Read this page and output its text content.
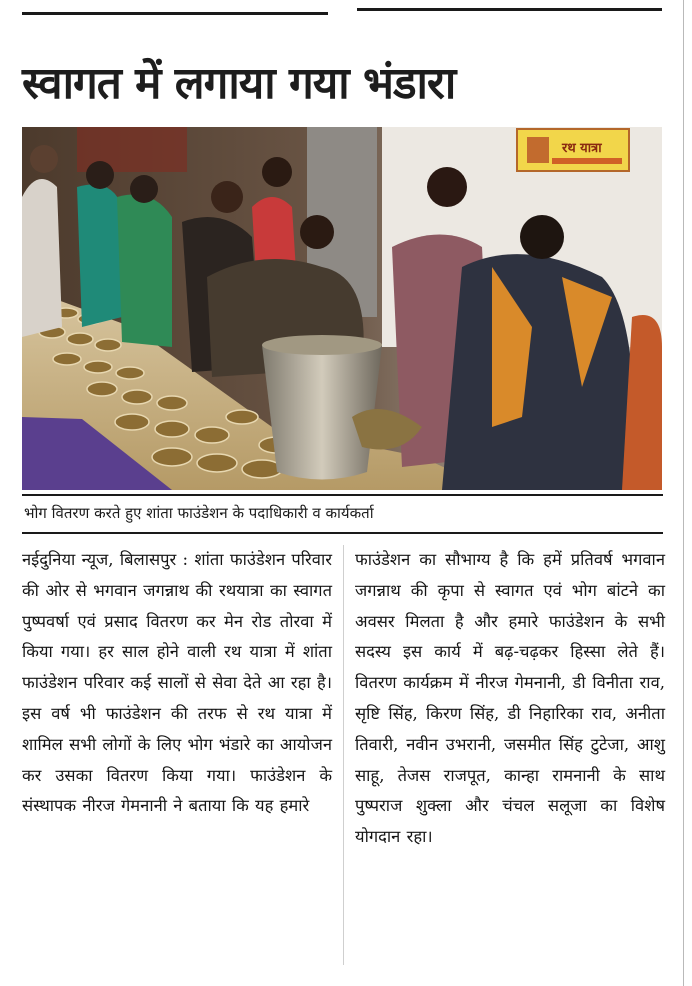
स्वागत में लगाया गया भंडारा
रथ यात्रा

भोग वितरण करते हुए शांता फाउंडेशन के पदाधिकारी व कार्यकर्ता

नईदुनिया न्यूज, बिलासपुर : शांता फाउंडेशन परिवार की ओर से भगवान जगन्नाथ की रथयात्रा का स्वागत पुष्पवर्षा एवं प्रसाद वितरण कर मेन रोड तोरवा में किया गया। हर साल होने वाली रथ यात्रा में शांता फाउंडेशन परिवार कई सालों से सेवा देते आ रहा है। इस वर्ष भी फाउंडेशन की तरफ से रथ यात्रा में शामिल सभी लोगों के लिए भोग भंडारे का आयोजन कर उसका वितरण किया गया। फाउंडेशन के संस्थापक नीरज गेमनानी ने बताया कि यह हमारे

फाउंडेशन का सौभाग्य है कि हमें प्रतिवर्ष भगवान जगन्नाथ की कृपा से स्वागत एवं भोग बांटने का अवसर मिलता है और हमारे फाउंडेशन के सभी सदस्य इस कार्य में बढ़-चढ़कर हिस्सा लेते हैं। वितरण कार्यक्रम में नीरज गेमनानी, डी विनीता राव, सृष्टि सिंह, किरण सिंह, डी निहारिका राव, अनीता तिवारी, नवीन उभरानी, जसमीत सिंह टुटेजा, आशु साहू, तेजस राजपूत, कान्हा रामनानी के साथ पुष्पराज शुक्ला और चंचल सलूजा का विशेष योगदान रहा।
